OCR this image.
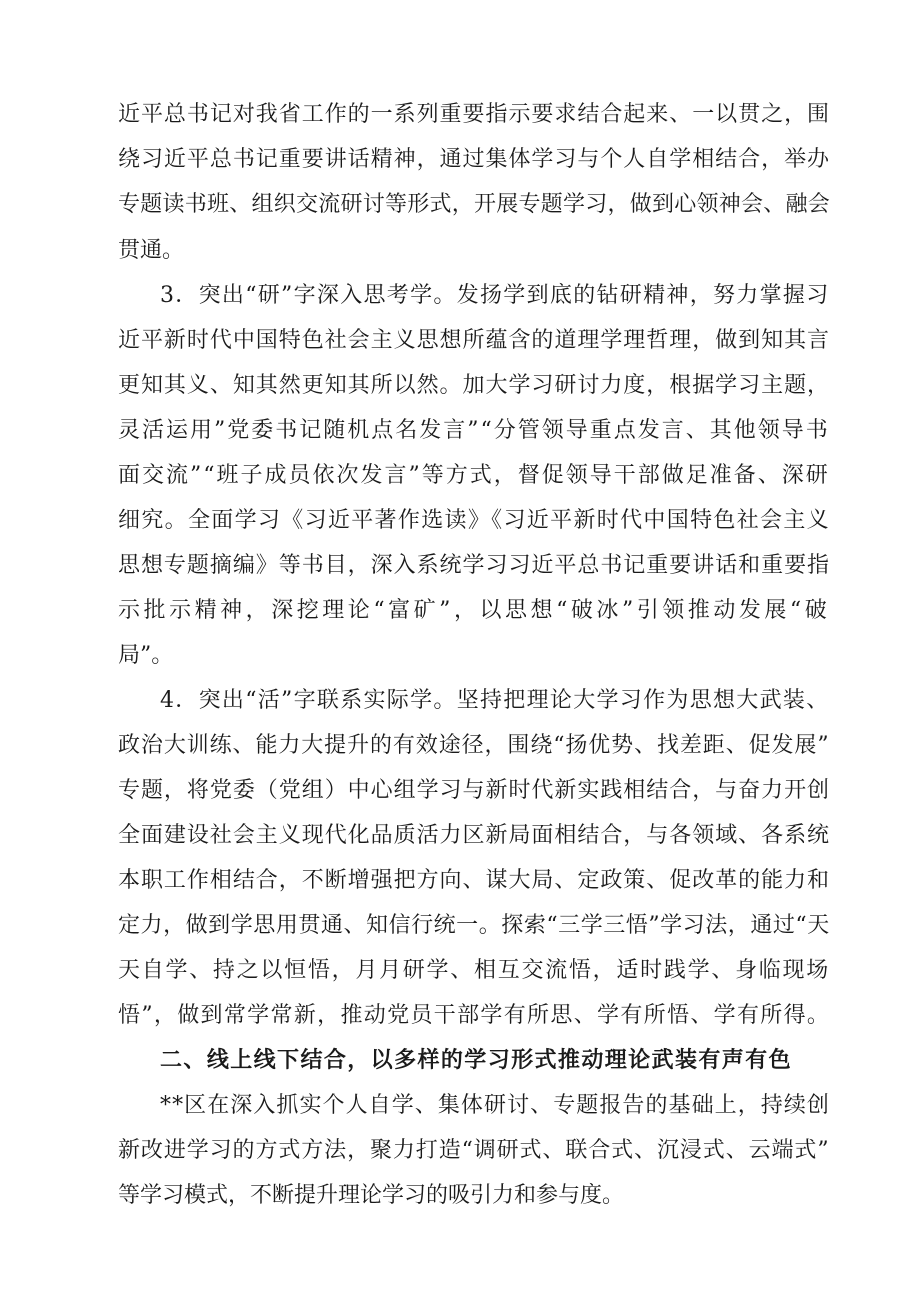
近平总书记对我省工作的一系列重要指示要求结合起来、一以贯之，围
绕习近平总书记重要讲话精神，通过集体学习与个人自学相结合，举办
专题读书班、组织交流研讨等形式，开展专题学习，做到心领神会、融会
贯通。
3．突出“研”字深入思考学。发扬学到底的钻研精神，努力掌握习
近平新时代中国特色社会主义思想所蕴含的道理学理哲理，做到知其言
更知其义、知其然更知其所以然。加大学习研讨力度，根据学习主题，
灵活运用”党委书记随机点名发言”“分管领导重点发言、其他领导书
面交流”“班子成员依次发言”等方式，督促领导干部做足准备、深研
细究。全面学习《习近平著作选读》《习近平新时代中国特色社会主义
思想专题摘编》等书目，深入系统学习习近平总书记重要讲话和重要指
示批示精神，深挖理论“富矿”，以思想“破冰”引领推动发展“破
局”。
4．突出“活”字联系实际学。坚持把理论大学习作为思想大武装、
政治大训练、能力大提升的有效途径，围绕“扬优势、找差距、促发展”
专题，将党委（党组）中心组学习与新时代新实践相结合，与奋力开创
全面建设社会主义现代化品质活力区新局面相结合，与各领域、各系统
本职工作相结合，不断增强把方向、谋大局、定政策、促改革的能力和
定力，做到学思用贯通、知信行统一。探索“三学三悟”学习法，通过“天
天自学、持之以恒悟，月月研学、相互交流悟，适时践学、身临现场
悟”，做到常学常新，推动党员干部学有所思、学有所悟、学有所得。
二、线上线下结合，以多样的学习形式推动理论武装有声有色
**区在深入抓实个人自学、集体研讨、专题报告的基础上，持续创
新改进学习的方式方法，聚力打造“调研式、联合式、沉浸式、云端式”
等学习模式，不断提升理论学习的吸引力和参与度。
